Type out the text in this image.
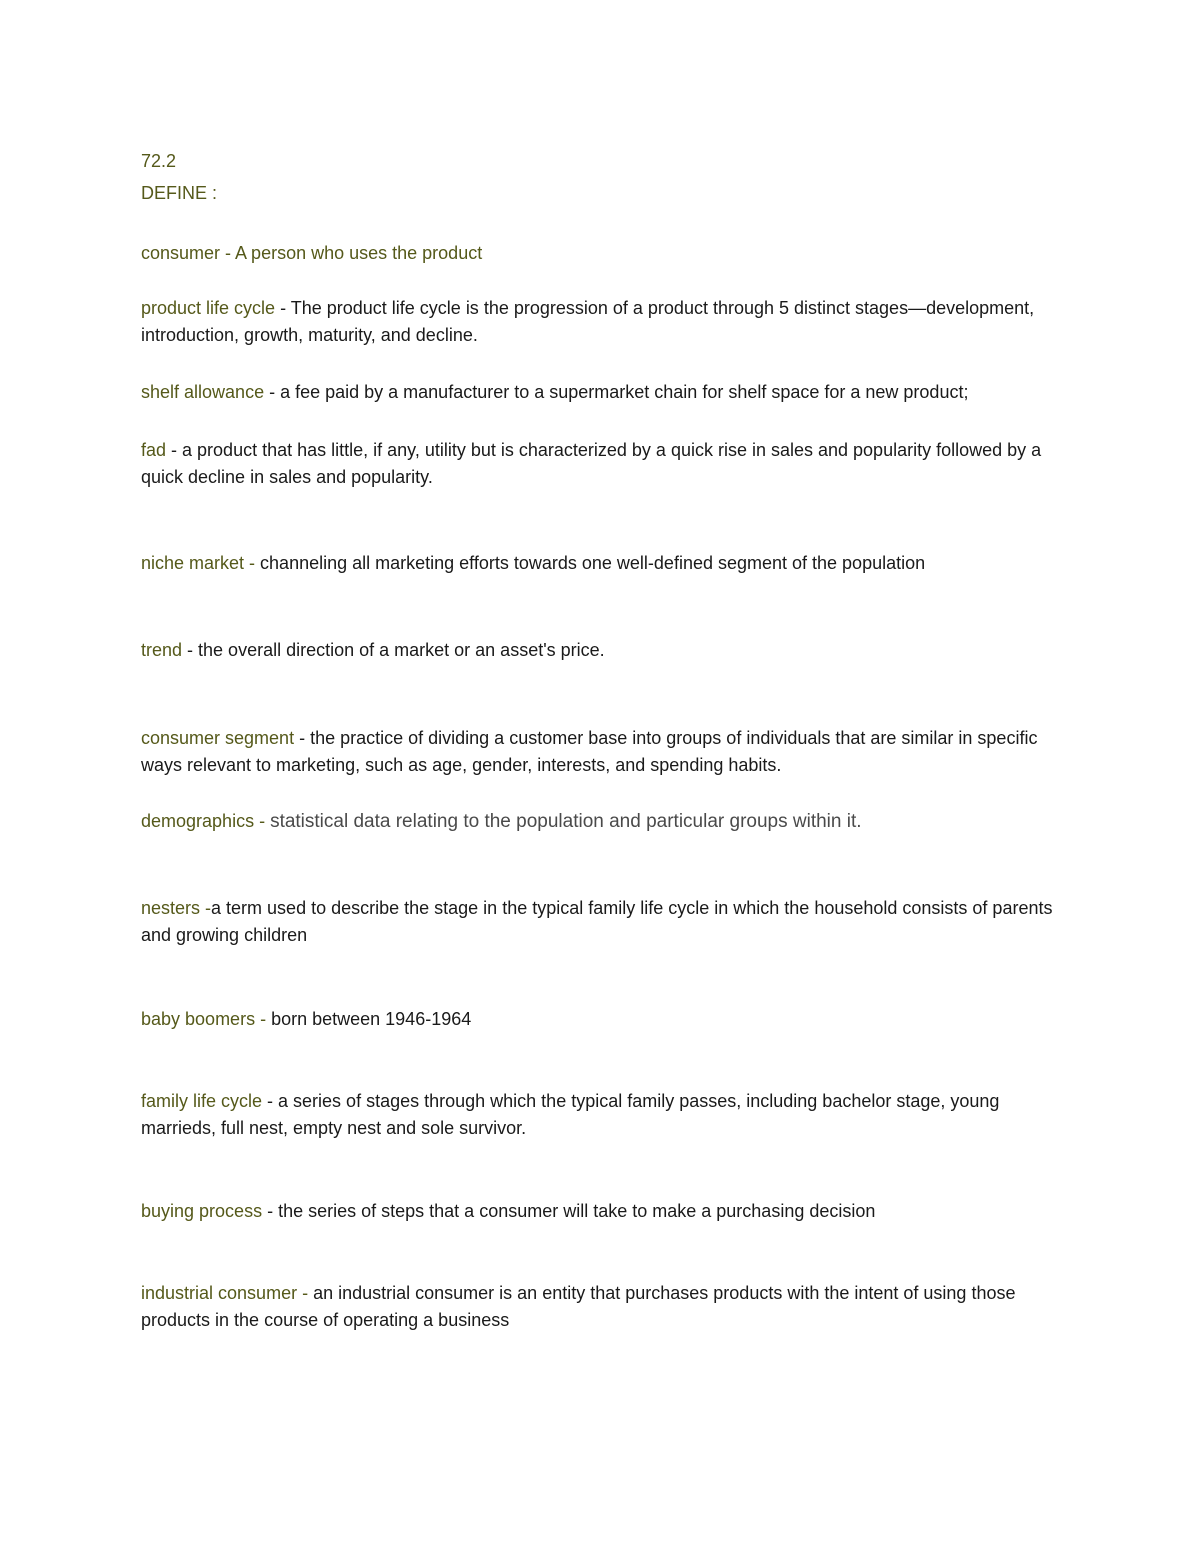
72.2
DEFINE :
consumer - A person who uses the product
product life cycle - The product life cycle is the progression of a product through 5 distinct stages—development, introduction, growth, maturity, and decline.
shelf allowance - a fee paid by a manufacturer to a supermarket chain for shelf space for a new product;
fad - a product that has little, if any, utility but is characterized by a quick rise in sales and popularity followed by a quick decline in sales and popularity.
niche market - channeling all marketing efforts towards one well-defined segment of the population
trend - the overall direction of a market or an asset's price.
consumer segment - the practice of dividing a customer base into groups of individuals that are similar in specific ways relevant to marketing, such as age, gender, interests, and spending habits.
demographics - statistical data relating to the population and particular groups within it.
nesters -a term used to describe the stage in the typical family life cycle in which the household consists of parents and growing children
baby boomers - born between 1946-1964
family life cycle - a series of stages through which the typical family passes, including bachelor stage, young marrieds, full nest, empty nest and sole survivor.
buying process - the series of steps that a consumer will take to make a purchasing decision
industrial consumer - an industrial consumer is an entity that purchases products with the intent of using those products in the course of operating a business
